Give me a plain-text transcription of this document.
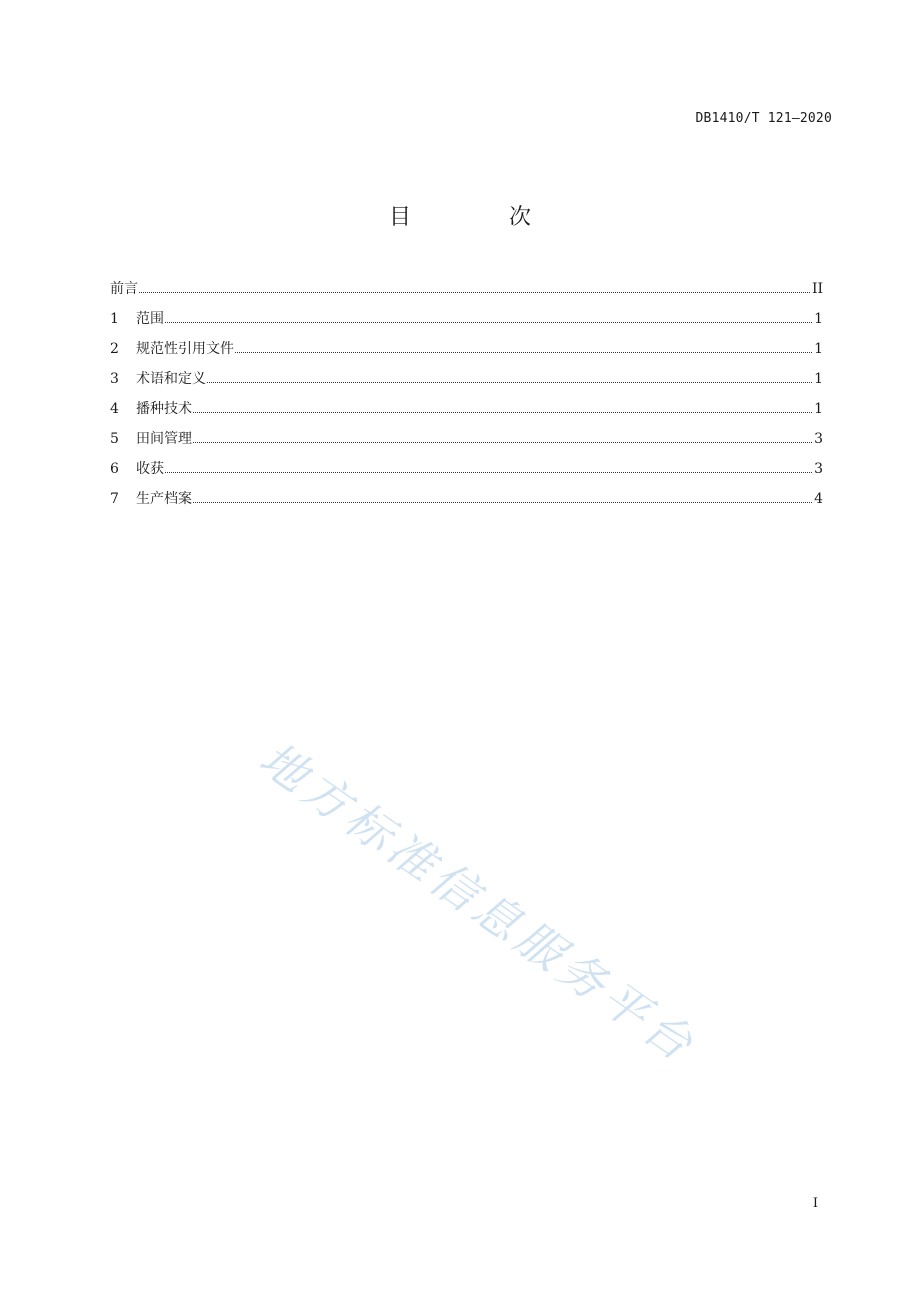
DB1410/T 121—2020
目　次
前言	II
1	范围	1
2	规范性引用文件	1
3	术语和定义	1
4	播种技术	1
5	田间管理	3
6	收获	3
7	生产档案	4
地方标准信息服务平台
I
